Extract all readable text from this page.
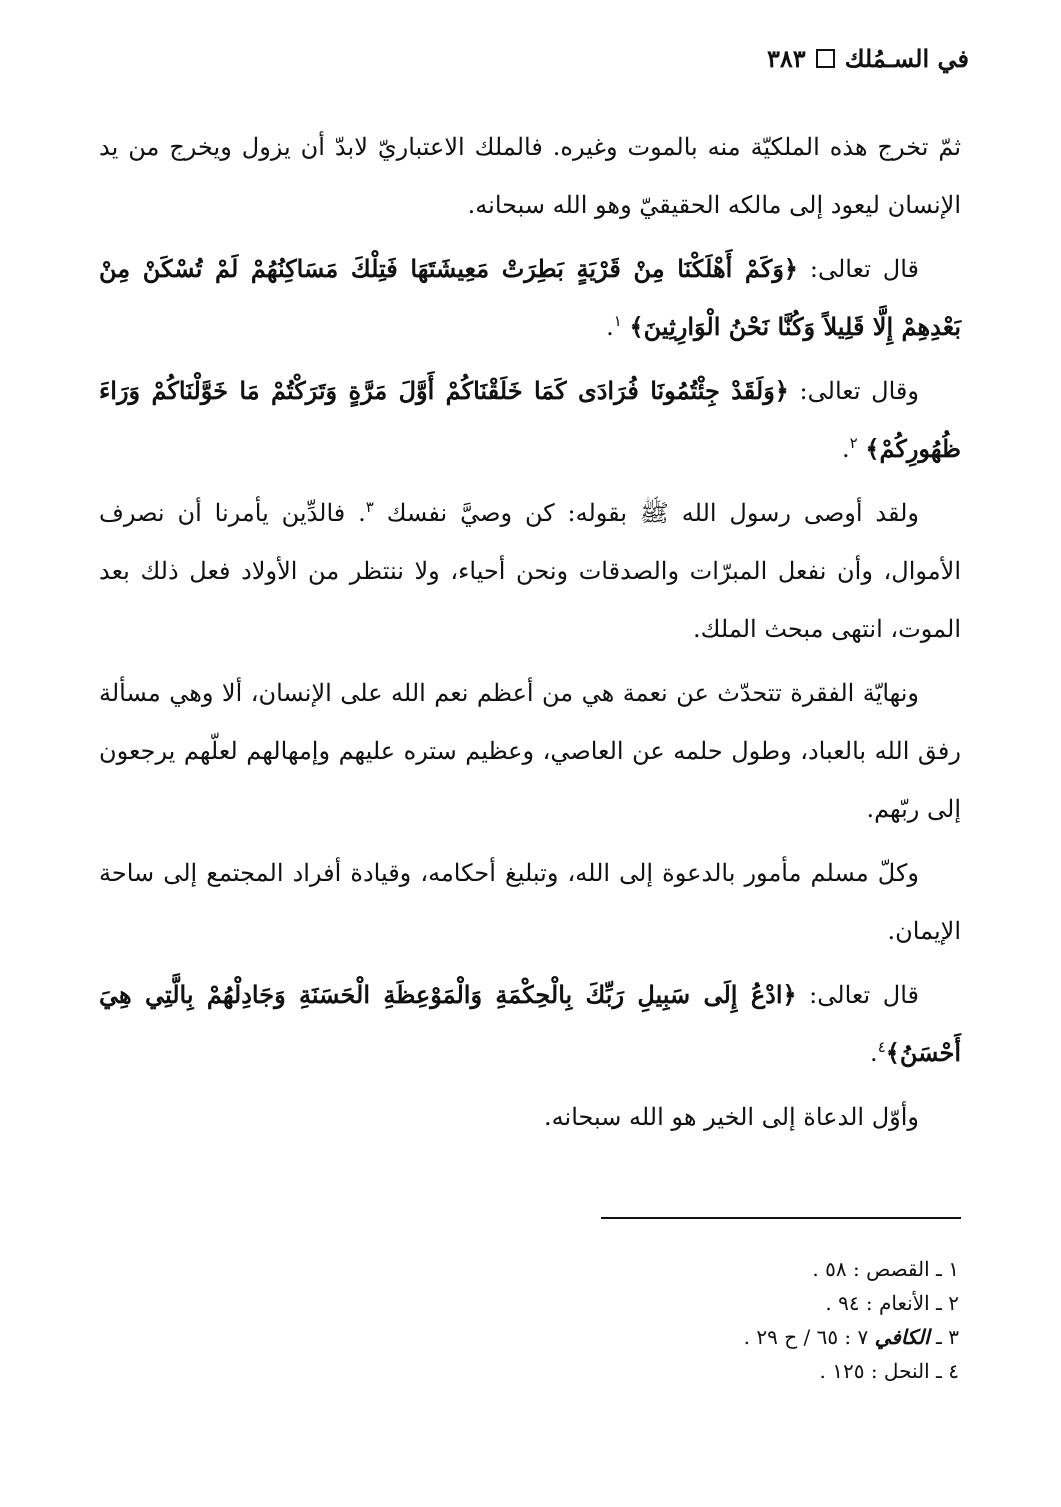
في السـمُلك
٣٨٣

ثمّ تخرج هذه الملكيّة منه بالموت وغيره. فالملك الاعتباريّ لابدّ أن يزول ويخرج من يد الإنسان ليعود إلى مالكه الحقيقيّ وهو الله سبحانه.

قال تعالى: ﴿وَكَمْ أَهْلَكْنَا مِنْ قَرْيَةٍ بَطِرَتْ مَعِيشَتَهَا فَتِلْكَ مَسَاكِنُهُمْ لَمْ تُسْكَنْ مِنْ بَعْدِهِمْ إِلَّا قَلِيلاً وَكُنَّا نَحْنُ الْوَارِثِينَ﴾ $^١$.

وقال تعالى: ﴿وَلَقَدْ جِئْتُمُونَا فُرَادَى كَمَا خَلَقْنَاكُمْ أَوَّلَ مَرَّةٍ وَتَرَكْتُمْ مَا خَوَّلْنَاكُمْ وَرَاءَ ظُهُورِكُمْ﴾ $^٢$.

ولقد أوصى رسول الله ﷺ بقوله: كن وصيَّ نفسك $^٣$. فالدِّين يأمرنا أن نصرف الأموال، وأن نفعل المبرّات والصدقات ونحن أحياء، ولا ننتظر من الأولاد فعل ذلك بعد الموت، انتهى مبحث الملك.

ونهايّة الفقرة تتحدّث عن نعمة هي من أعظم نعم الله على الإنسان، ألا وهي مسألة رفق الله بالعباد، وطول حلمه عن العاصي، وعظيم ستره عليهم وإمهالهم لعلّهم يرجعون إلى ربّهم.

وكلّ مسلم مأمور بالدعوة إلى الله، وتبليغ أحكامه، وقيادة أفراد المجتمع إلى ساحة الإيمان.

قال تعالى: ﴿ادْعُ إِلَى سَبِيلِ رَبِّكَ بِالْحِكْمَةِ وَالْمَوْعِظَةِ الْحَسَنَةِ وَجَادِلْهُمْ بِالَّتِي هِيَ أَحْسَنُ﴾$^٤$.

وأوّل الدعاة إلى الخير هو الله سبحانه.

١ ـ القصص : ٥٨ .
٢ ـ الأنعام : ٩٤ .
٣ ـ الكافي ٧ : ٦٥ / ح ٢٩ .
٤ ـ النحل : ١٢٥ .
